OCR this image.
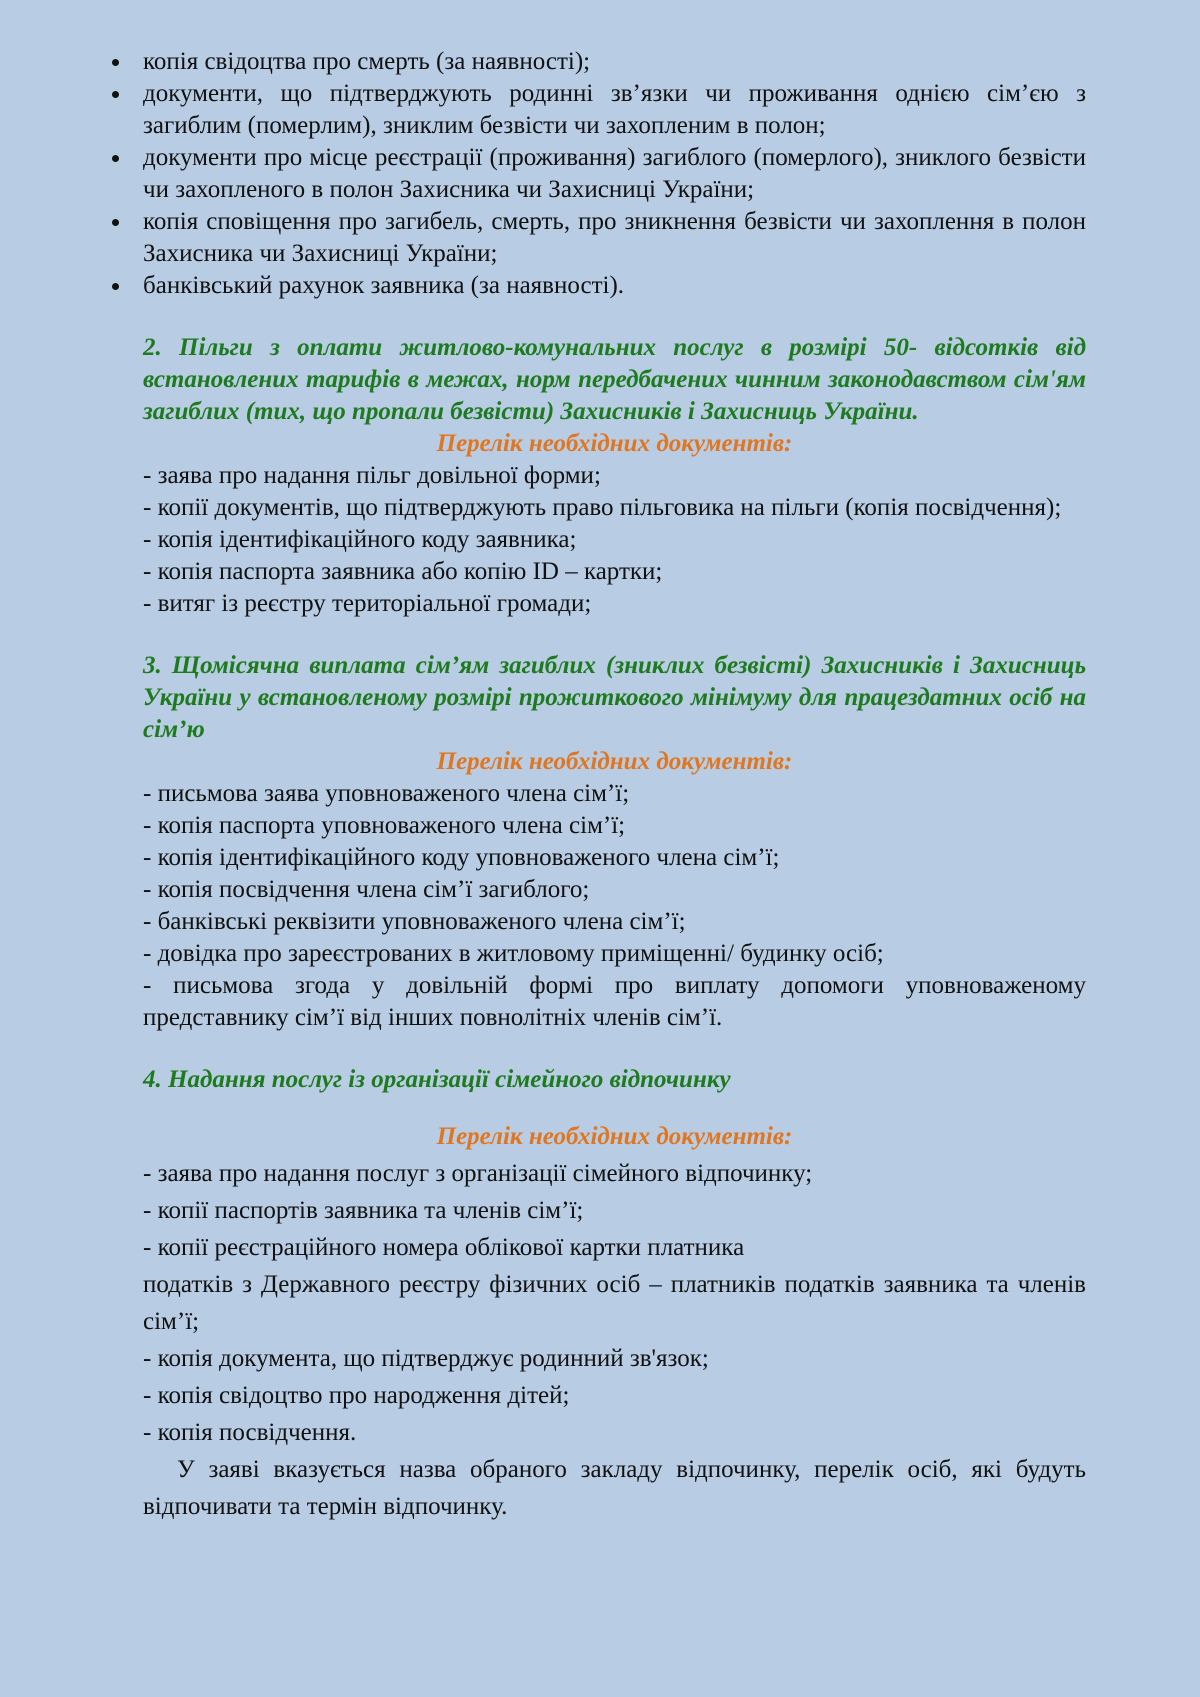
копія свідоцтва про смерть (за наявності);
документи, що підтверджують родинні зв’язки чи проживання однією сім’єю з загиблим (померлим), зниклим безвісти чи захопленим в полон;
документи про місце реєстрації (проживання) загиблого (померлого), зниклого безвісти чи захопленого в полон Захисника чи Захисниці України;
копія сповіщення про загибель, смерть, про зникнення безвісти чи захоплення в полон Захисника чи Захисниці України;
банківський рахунок заявника (за наявності).

2. Пільги з оплати житлово-комунальних послуг в розмірі 50- відсотків від встановлених тарифів в межах, норм передбачених чинним законодавством сім'ям загиблих (тих, що пропали безвісти) Захисників і Захисниць України.

Перелік необхідних документів:

- заява про надання пільг довільної форми;

- копії документів, що підтверджують право пільговика на пільги (копія посвідчення);

- копія ідентифікаційного коду заявника;

- копія паспорта заявника або копію ID – картки;

- витяг із реєстру територіальної громади;

3. Щомісячна виплата сім’ям загиблих (зниклих безвісті) Захисників і Захисниць України у встановленому розмірі прожиткового мінімуму для працездатних осіб на сім’ю

Перелік необхідних документів:

- письмова заява уповноваженого члена сім’ї;

- копія паспорта уповноваженого члена сім’ї;

- копія ідентифікаційного коду уповноваженого члена сім’ї;

- копія посвідчення члена сім’ї загиблого;

- банківські реквізити уповноваженого члена сім’ї;

- довідка про зареєстрованих в житловому приміщенні/ будинку осіб;

- письмова згода у довільній формі про виплату допомоги уповноваженому представнику сім’ї від інших повнолітніх членів сім’ї.

4. Надання послуг із організації сімейного відпочинку

Перелік необхідних документів:

- заява про надання послуг з організації сімейного відпочинку;

- копії паспортів заявника та членів сім’ї;

- копії реєстраційного номера облікової картки платника

податків з Державного реєстру фізичних осіб – платників податків заявника та членів сім’ї;

- копія документа, що підтверджує родинний зв'язок;

- копія свідоцтво про народження дітей;

- копія посвідчення.

У заяві вказується назва обраного закладу відпочинку, перелік осіб, які будуть відпочивати та термін відпочинку.
